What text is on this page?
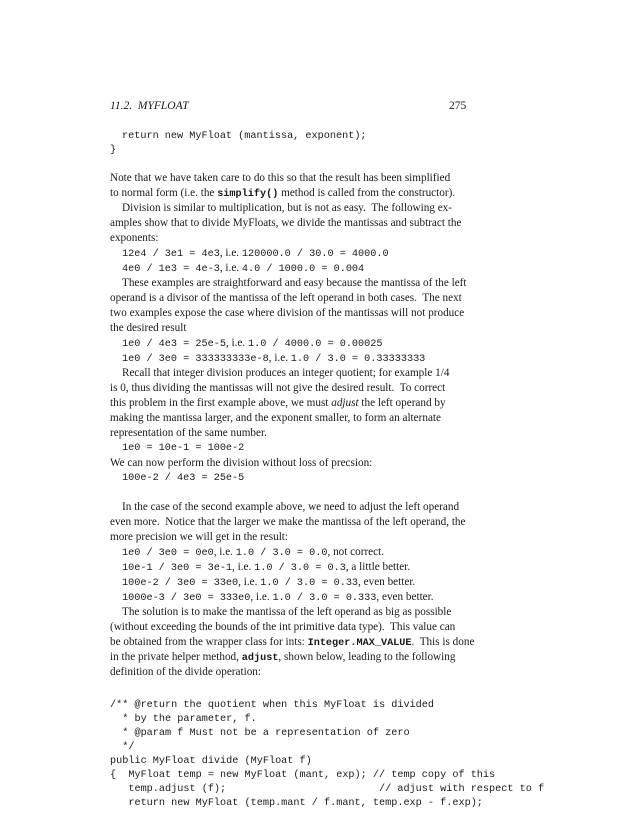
11.2.  MYFLOAT	275
return new MyFloat (mantissa, exponent);
}
Note that we have taken care to do this so that the result has been simplified
to normal form (i.e. the simplify() method is called from the constructor).
Division is similar to multiplication, but is not as easy.  The following ex-
amples show that to divide MyFloats, we divide the mantissas and subtract the
exponents:
12e4 / 3e1 = 4e3, i.e. 120000.0 / 30.0 = 4000.0
4e0 / 1e3 = 4e-3, i.e. 4.0 / 1000.0 = 0.004
These examples are straightforward and easy because the mantissa of the left
operand is a divisor of the mantissa of the left operand in both cases.  The next
two examples expose the case where division of the mantissas will not produce
the desired result
1e0 / 4e3 = 25e-5, i.e. 1.0 / 4000.0 = 0.00025
1e0 / 3e0 = 333333333e-8, i.e. 1.0 / 3.0 = 0.33333333
Recall that integer division produces an integer quotient; for example 1/4
is 0, thus dividing the mantissas will not give the desired result.  To correct
this problem in the first example above, we must adjust the left operand by
making the mantissa larger, and the exponent smaller, to form an alternate
representation of the same number.
1e0 = 10e-1 = 100e-2
We can now perform the division without loss of precsion:
100e-2 / 4e3 = 25e-5
In the case of the second example above, we need to adjust the left operand
even more.  Notice that the larger we make the mantissa of the left operand, the
more precision we will get in the result:
1e0 / 3e0 = 0e0, i.e. 1.0 / 3.0 = 0.0, not correct.
10e-1 / 3e0 = 3e-1, i.e. 1.0 / 3.0 = 0.3, a little better.
100e-2 / 3e0 = 33e0, i.e. 1.0 / 3.0 = 0.33, even better.
1000e-3 / 3e0 = 333e0, i.e. 1.0 / 3.0 = 0.333, even better.
The solution is to make the mantissa of the left operand as big as possible
(without exceeding the bounds of the int primitive data type).  This value can
be obtained from the wrapper class for ints: Integer.MAX_VALUE.  This is done
in the private helper method, adjust, shown below, leading to the following
definition of the divide operation:
/** @return the quotient when this MyFloat is divided
* by the parameter, f.
* @param f Must not be a representation of zero
*/
public MyFloat divide (MyFloat f)
{  MyFloat temp = new MyFloat (mant, exp); // temp copy of this
temp.adjust (f);                         // adjust with respect to f
return new MyFloat (temp.mant / f.mant, temp.exp - f.exp);
